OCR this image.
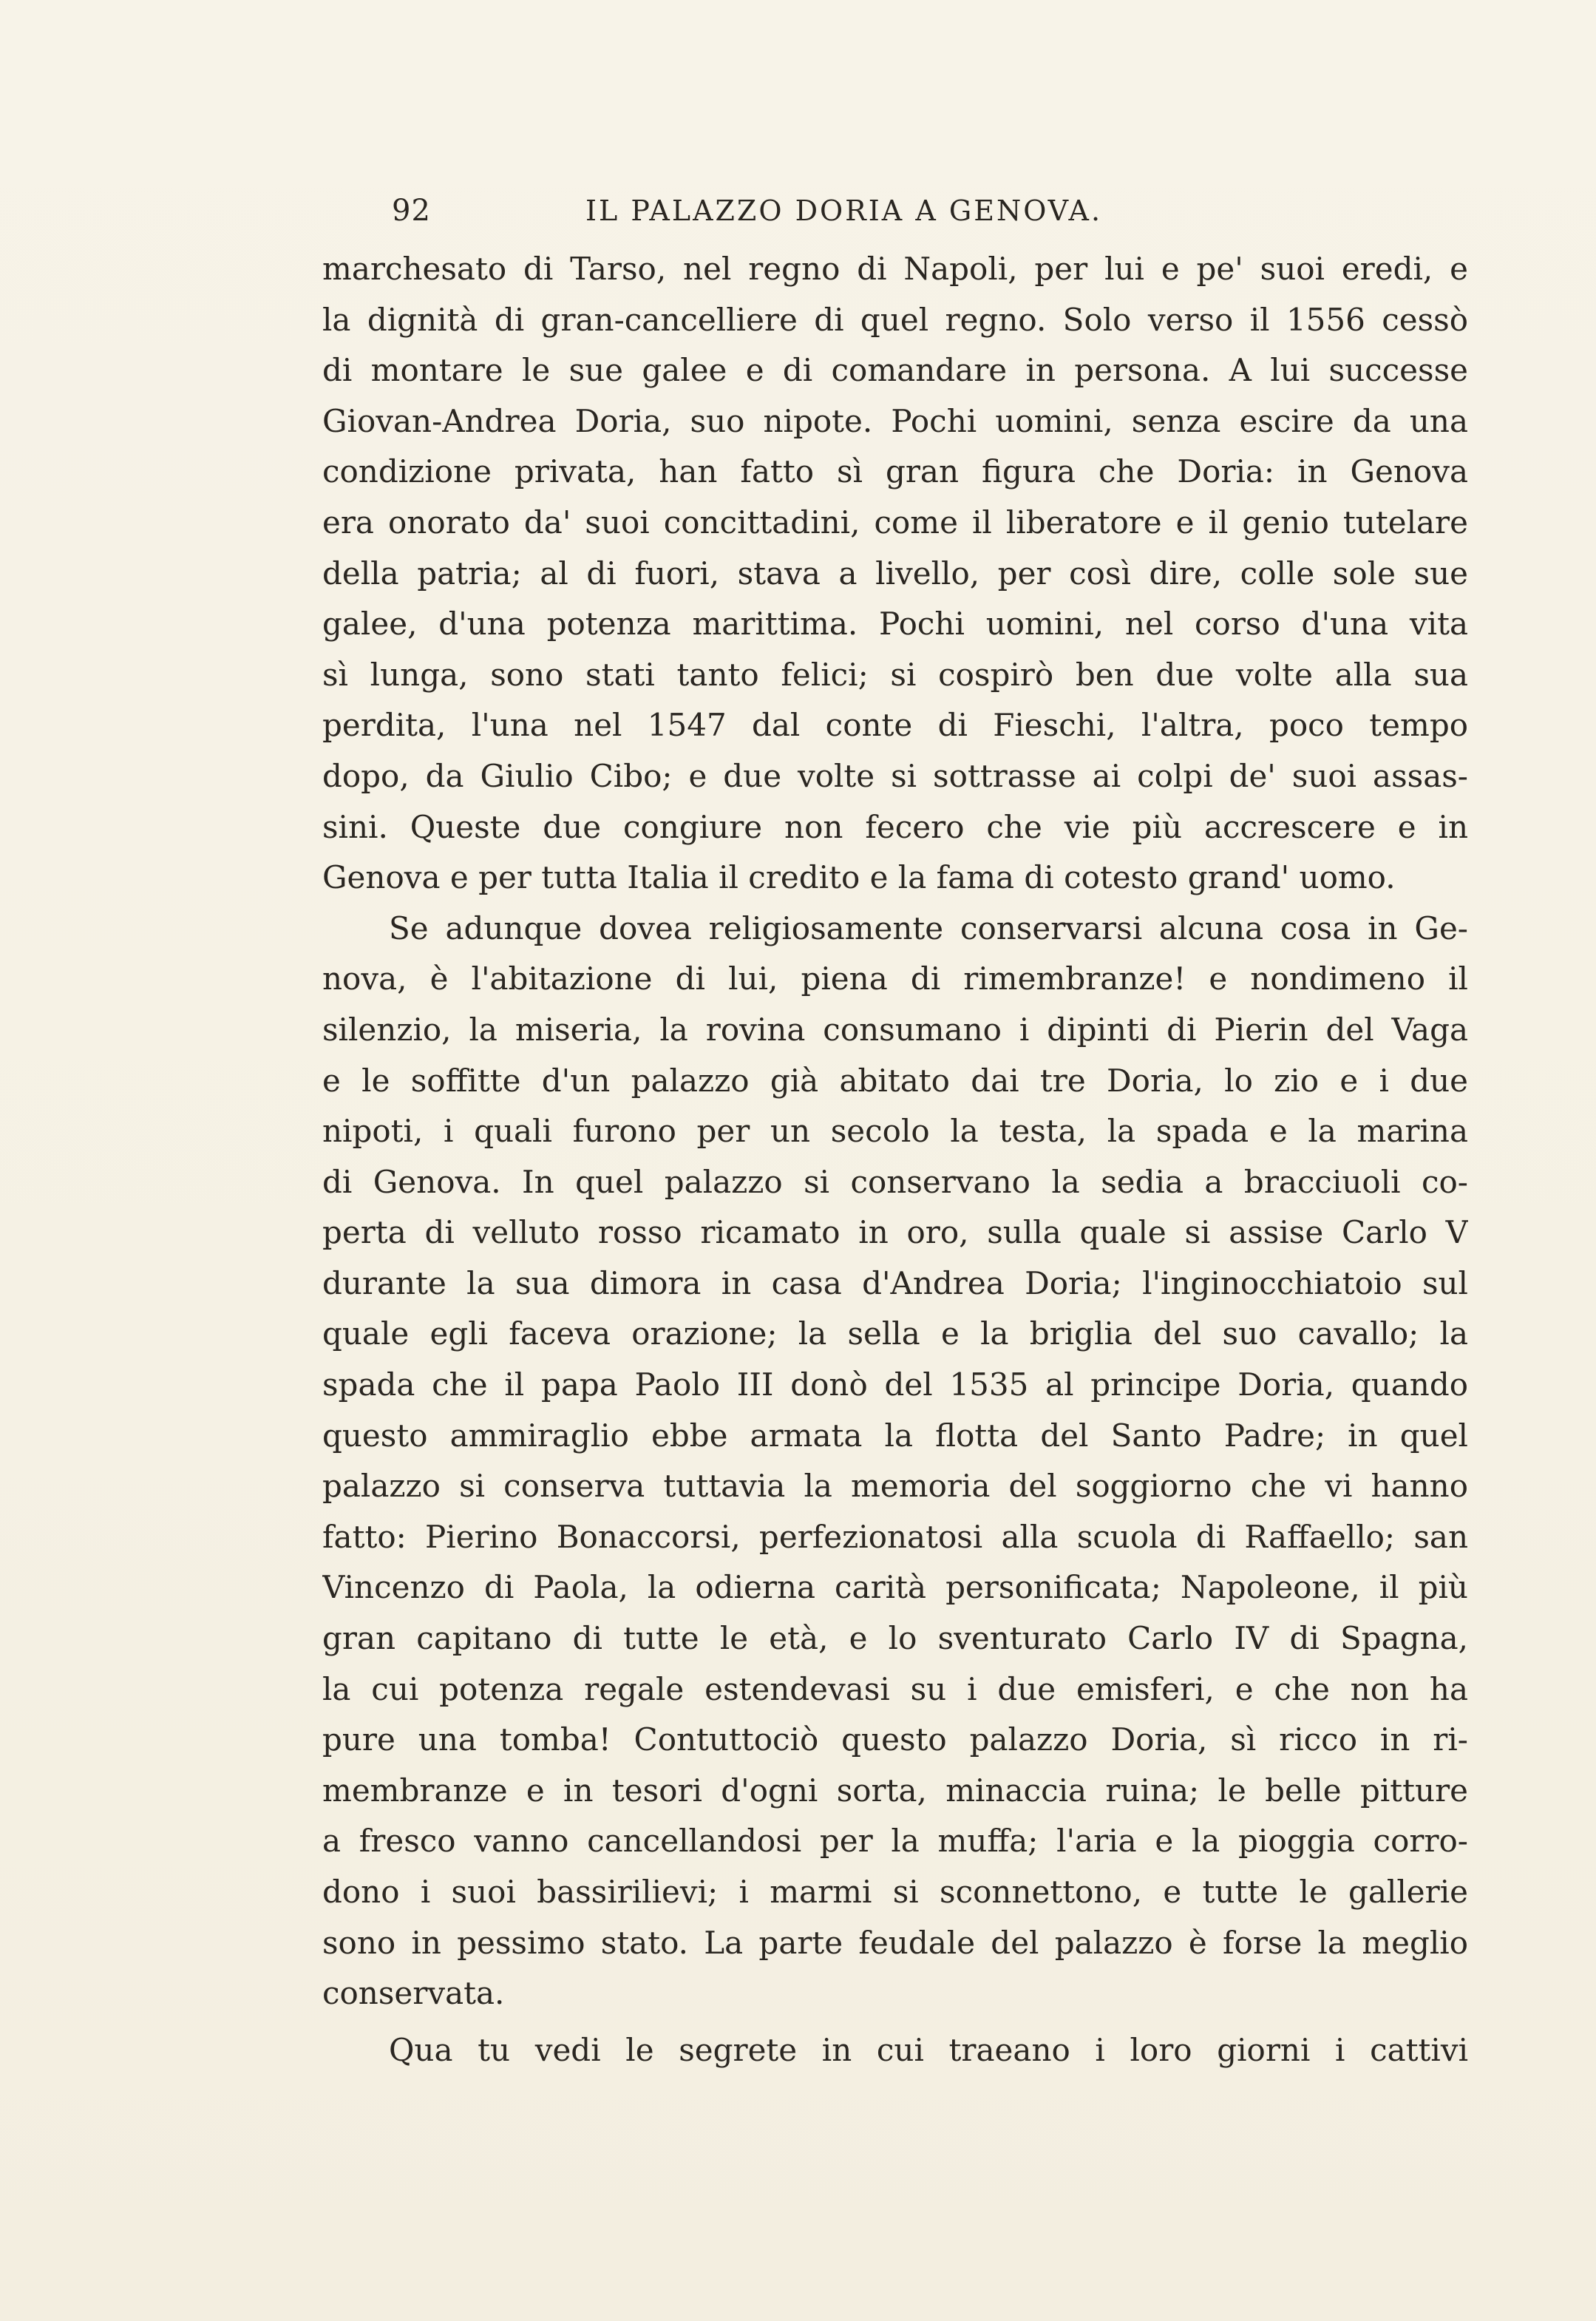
92	IL PALAZZO DORIA A GENOVA.
marchesato di Tarso, nel regno di Napoli, per lui e pe' suoi eredi, e
la dignità di gran-cancelliere di quel regno. Solo verso il 1556 cessò
di montare le sue galee e di comandare in persona. A lui successe
Giovan-Andrea Doria, suo nipote. Pochi uomini, senza escire da una
condizione privata, han fatto sì gran figura che Doria: in Genova
era onorato da' suoi concittadini, come il liberatore e il genio tutelare
della patria; al di fuori, stava a livello, per così dire, colle sole sue
galee, d'una potenza marittima. Pochi uomini, nel corso d'una vita
sì lunga, sono stati tanto felici; si cospirò ben due volte alla sua
perdita, l'una nel 1547 dal conte di Fieschi, l'altra, poco tempo
dopo, da Giulio Cibo; e due volte si sottrasse ai colpi de' suoi assas-
sini. Queste due congiure non fecero che vie più accrescere e in
Genova e per tutta Italia il credito e la fama di cotesto grand' uomo.
Se adunque dovea religiosamente conservarsi alcuna cosa in Ge-
nova, è l'abitazione di lui, piena di rimembranze! e nondimeno il
silenzio, la miseria, la rovina consumano i dipinti di Pierin del Vaga
e le soffitte d'un palazzo già abitato dai tre Doria, lo zio e i due
nipoti, i quali furono per un secolo la testa, la spada e la marina
di Genova. In quel palazzo si conservano la sedia a bracciuoli co-
perta di velluto rosso ricamato in oro, sulla quale si assise Carlo V
durante la sua dimora in casa d'Andrea Doria; l'inginocchiatoio sul
quale egli faceva orazione; la sella e la briglia del suo cavallo; la
spada che il papa Paolo III donò del 1535 al principe Doria, quando
questo ammiraglio ebbe armata la flotta del Santo Padre; in quel
palazzo si conserva tuttavia la memoria del soggiorno che vi hanno
fatto: Pierino Bonaccorsi, perfezionatosi alla scuola di Raffaello; san
Vincenzo di Paola, la odierna carità personificata; Napoleone, il più
gran capitano di tutte le età, e lo sventurato Carlo IV di Spagna,
la cui potenza regale estendevasi su i due emisferi, e che non ha
pure una tomba! Contuttociò questo palazzo Doria, sì ricco in ri-
membranze e in tesori d'ogni sorta, minaccia ruina; le belle pitture
a fresco vanno cancellandosi per la muffa; l'aria e la pioggia corro-
dono i suoi bassirilievi; i marmi si sconnettono, e tutte le gallerie
sono in pessimo stato. La parte feudale del palazzo è forse la meglio
conservata.
Qua tu vedi le segrete in cui traeano i loro giorni i cattivi
